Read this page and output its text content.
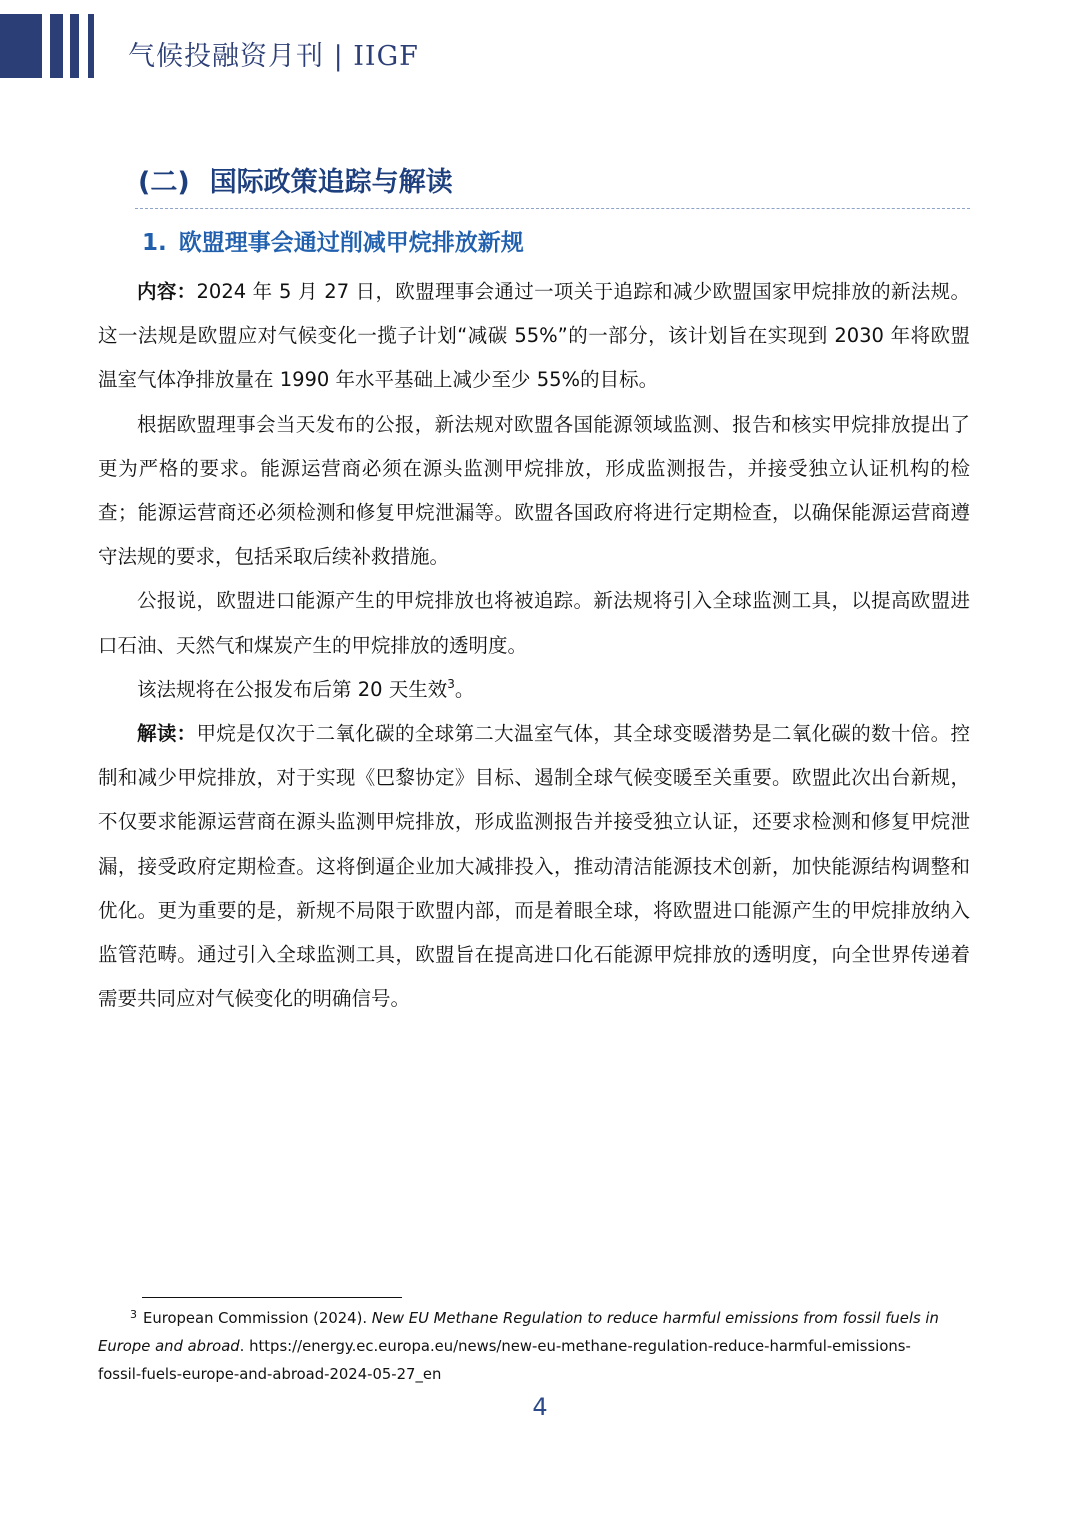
气候投融资月刊 | IIGF
(二) 国际政策追踪与解读
1. 欧盟理事会通过削减甲烷排放新规

内容：2024 年 5 月 27 日，欧盟理事会通过一项关于追踪和减少欧盟国家甲烷排放的新法规。这一法规是欧盟应对气候变化一揽子计划“减碳 55%”的一部分，该计划旨在实现到 2030 年将欧盟温室气体净排放量在 1990 年水平基础上减少至少 55%的目标。

根据欧盟理事会当天发布的公报，新法规对欧盟各国能源领域监测、报告和核实甲烷排放提出了更为严格的要求。能源运营商必须在源头监测甲烷排放，形成监测报告，并接受独立认证机构的检查；能源运营商还必须检测和修复甲烷泄漏等。欧盟各国政府将进行定期检查，以确保能源运营商遵守法规的要求，包括采取后续补救措施。

公报说，欧盟进口能源产生的甲烷排放也将被追踪。新法规将引入全球监测工具，以提高欧盟进口石油、天然气和煤炭产生的甲烷排放的透明度。

该法规将在公报发布后第 20 天生效$^3$。

解读：甲烷是仅次于二氧化碳的全球第二大温室气体，其全球变暖潜势是二氧化碳的数十倍。控制和减少甲烷排放，对于实现《巴黎协定》目标、遏制全球气候变暖至关重要。欧盟此次出台新规，不仅要求能源运营商在源头监测甲烷排放，形成监测报告并接受独立认证，还要求检测和修复甲烷泄漏，接受政府定期检查。这将倒逼企业加大减排投入，推动清洁能源技术创新，加快能源结构调整和优化。更为重要的是，新规不局限于欧盟内部，而是着眼全球，将欧盟进口能源产生的甲烷排放纳入监管范畴。通过引入全球监测工具，欧盟旨在提高进口化石能源甲烷排放的透明度，向全世界传递着需要共同应对气候变化的明确信号。

3 European Commission (2024). New EU Methane Regulation to reduce harmful emissions from fossil fuels in Europe and abroad. https://energy.ec.europa.eu/news/new-eu-methane-regulation-reduce-harmful-emissions-fossil-fuels-europe-and-abroad-2024-05-27_en
4
